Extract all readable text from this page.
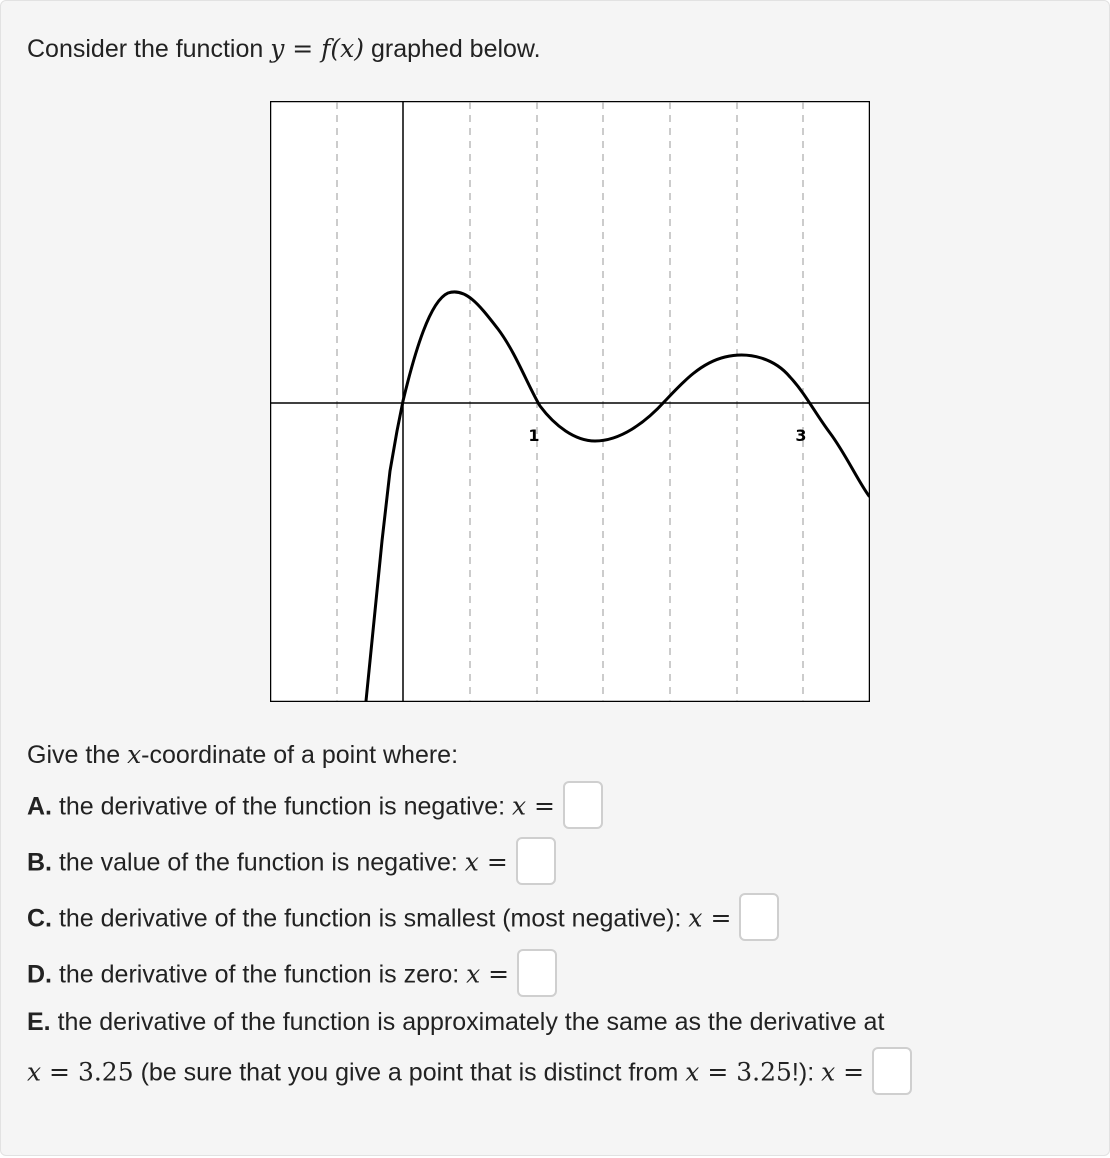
Consider the function y = f(x) graphed below.
1	3
Give the x-coordinate of a point where:
A. the derivative of the function is negative: x =
B. the value of the function is negative: x =
C. the derivative of the function is smallest (most negative): x =
D. the derivative of the function is zero: x =
E. the derivative of the function is approximately the same as the derivative at
x = 3.25 (be sure that you give a point that is distinct from x = 3.25!): x =
